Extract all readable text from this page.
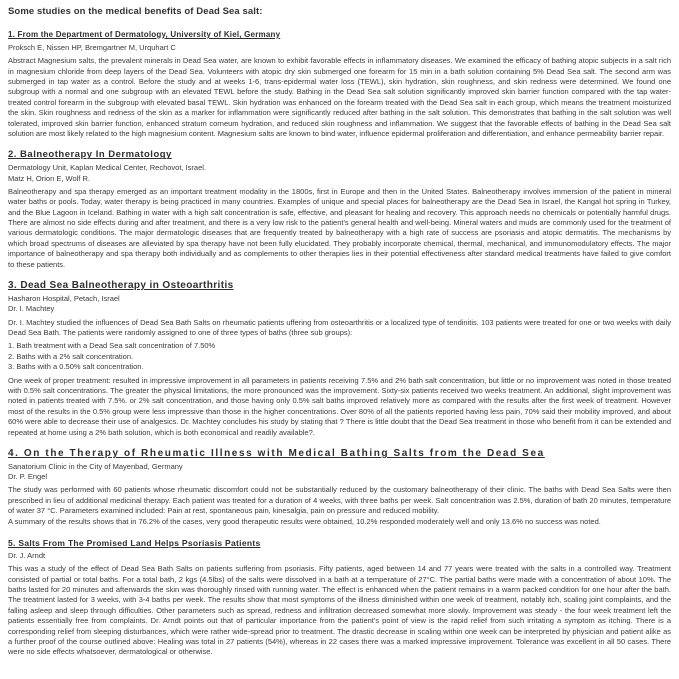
Some studies on the medical benefits of Dead Sea salt:
1. From the Department of Dermatology, University of Kiel, Germany
Proksch E, Nissen HP, Bremgartner M, Urquhart C

Abstract Magnesium salts, the prevalent minerals in Dead Sea water, are known to exhibit favorable effects in inflammatory diseases. We examined the efficacy of bathing atopic subjects in a salt rich in magnesium chloride from deep layers of the Dead Sea. Volunteers with atopic dry skin submerged one forearm for 15 min in a bath solution containing 5% Dead Sea salt. The second arm was submerged in tap water as a control. Before the study and at weeks 1-6, trans-epidermal water loss (TEWL), skin hydration, skin roughness, and skin redness were determined. We found one subgroup with a normal and one subgroup with an elevated TEWL before the study. Bathing in the Dead Sea salt solution significantly improved skin barrier function compared with the tap water-treated control forearm in the subgroup with elevated basal TEWL. Skin hydration was enhanced on the forearm treated with the Dead Sea salt in each group, which means the treatment moisturized the skin. Skin roughness and redness of the skin as a marker for inflammation were significantly reduced after bathing in the salt solution. This demonstrates that bathing in the salt solution was well tolerated, improved skin barrier function, enhanced stratum corneum hydration, and reduced skin roughness and inflammation. We suggest that the favorable effects of bathing in the Dead Sea salt solution are most likely related to the high magnesium content. Magnesium salts are known to bind water, influence epidermal proliferation and differentiation, and enhance permeability barrier repair.

2. Balneotherapy In Dermatology
Dermatology Unit, Kaplan Medical Center, Rechovot, Israel.
Matz H, Orion E, Wolf R.

Balneotherapy and spa therapy emerged as an important treatment modality in the 1800s, first in Europe and then in the United States. Balneotherapy involves immersion of the patient in mineral water baths or pools. Today, water therapy is being practiced in many countries. Examples of unique and special places for balneotherapy are the Dead Sea in Israel, the Kangal hot spring in Turkey, and the Blue Lagoon in Iceland. Bathing in water with a high salt concentration is safe, effective, and pleasant for healing and recovery. This approach needs no chemicals or potentially harmful drugs. There are almost no side effects during and after treatment, and there is a very low risk to the patient's general health and well-being. Mineral waters and muds are commonly used for the treatment of various dermatologic conditions. The major dermatologic diseases that are frequently treated by balneotherapy with a high rate of success are psoriasis and atopic dermatitis. The mechanisms by which broad spectrums of diseases are alleviated by spa therapy have not been fully elucidated. They probably incorporate chemical, thermal, mechanical, and immunomodulatory effects. The major importance of balneotherapy and spa therapy both individually and as complements to other therapies lies in their potential effectiveness after standard medical treatments have failed to give comfort to these patients.

3. Dead Sea Balneotherapy in Osteoarthritis
Hasharon Hospital, Petach, Israel
Dr. I. Machtey

Dr. I. Machtey studied the influences of Dead Sea Bath Salts on rheumatic patients uffering from osteoarthritis or a localized type of tendinitis. 103 patients were treated for one or two weeks with daily Dead Sea Bath. The patients were randomly assigned to one of three types of baths (three sub groups):

1. Bath treatment with a Dead Sea salt concentration of 7.50%
2. Baths with a 2% salt concentration.
3. Baths with a 0.50% salt concentration.

One week of proper treatment: resulted in impressive improvement in all parameters in patients receiving 7.5% and 2% bath salt concentration, but little or no improvement was noted in those treated with 0.5% salt concentrations. The greater the physical limitations, the more pronounced was the improvement. Sixty-six patients received two weeks treatment. An additional, slight improvement was noted in patients treated with 7.5%. or 2% salt concentration, and those having only 0.5% salt baths improved relatively more as compared with the results after the first week of treatment. However most of the results in the 0.5% group were less impressive than those in the higher concentrations. Over 80% of all the patients reported having less pain, 70% said their mobility improved, and about 60% were able to decrease their use of analgesics. Dr. Machtey concludes his study by stating that ? There is little doubt that the Dead Sea treatment in those who benefit from it can be extended and repeated at home using a 2% bath solution, which is both economical and readily available?.

4. On the Therapy of Rheumatic Illness with Medical Bathing Salts from the Dead Sea
Sanatorium Clinic in the City of Mayenbad, Germany
Dr. P. Engel

The study was performed with 60 patients whose rheumatic discomfort could not be substantially reduced by the customary balneotherapy of their clinic. The baths with Dead Sea Salts were then prescribed in lieu of additional medicinal therapy. Each patient was treated for a duration of 4 weeks, with three baths per week. Salt concentration was 2.5%, duration of bath 20 minutes, temperature of water 37 °C. Parameters examined included: Pain at rest, spontaneous pain, kinesalgia, pain on pressure and reduced mobility.

A summary of the results shows that in 76.2% of the cases, very good therapeutic results were obtained, 10.2% responded moderately well and only 13.6% no success was noted.

5. Salts From The Promised Land Helps Psoriasis Patients
Dr. J. Arndt

This was a study of the effect of Dead Sea Bath Salts on patients suffering from psoriasis. Fifty patients, aged between 14 and 77 years were treated with the salts in a controlled way. Treatment consisted of partial or total baths. For a total bath, 2 kgs (4.5lbs) of the salts were dissolved in a bath at a temperature of 27°C. The partial baths were made with a concentration of about 10%. The baths lasted for 20 minutes and afterwards the skin was thoroughly rinsed with running water. The effect is enhanced when the patient remains in a warm packed condition for one hour after the bath. The treatment lasted for 3 weeks, with 3-4 baths per week. The results show that most symptoms of the illness diminished within one week of treatment, notably itch, scaling joint complaints, and the falling asleep and sleep through difficulties. Other parameters such as spread, redness and infiltration decreased somewhat more slowly. Improvement was steady - the four week treatment left the patients essentially free from complaints. Dr. Arndt points out that of particular importance from the patient's point of view is the rapid relief from such irritating a symptom as itching. There is a corresponding relief from sleeping disturbances, which were rather wide-spread prior to treatment. The drastic decrease in scaling within one week can be interpreted by physician and patient alike as a further proof of the course outlined above: Healing was total in 27 patients (54%), whereas in 22 cases there was a marked impressive improvement. Tolerance was excellent in all 50 cases. There were no side effects whatsoever, dermatological or otherwise.
